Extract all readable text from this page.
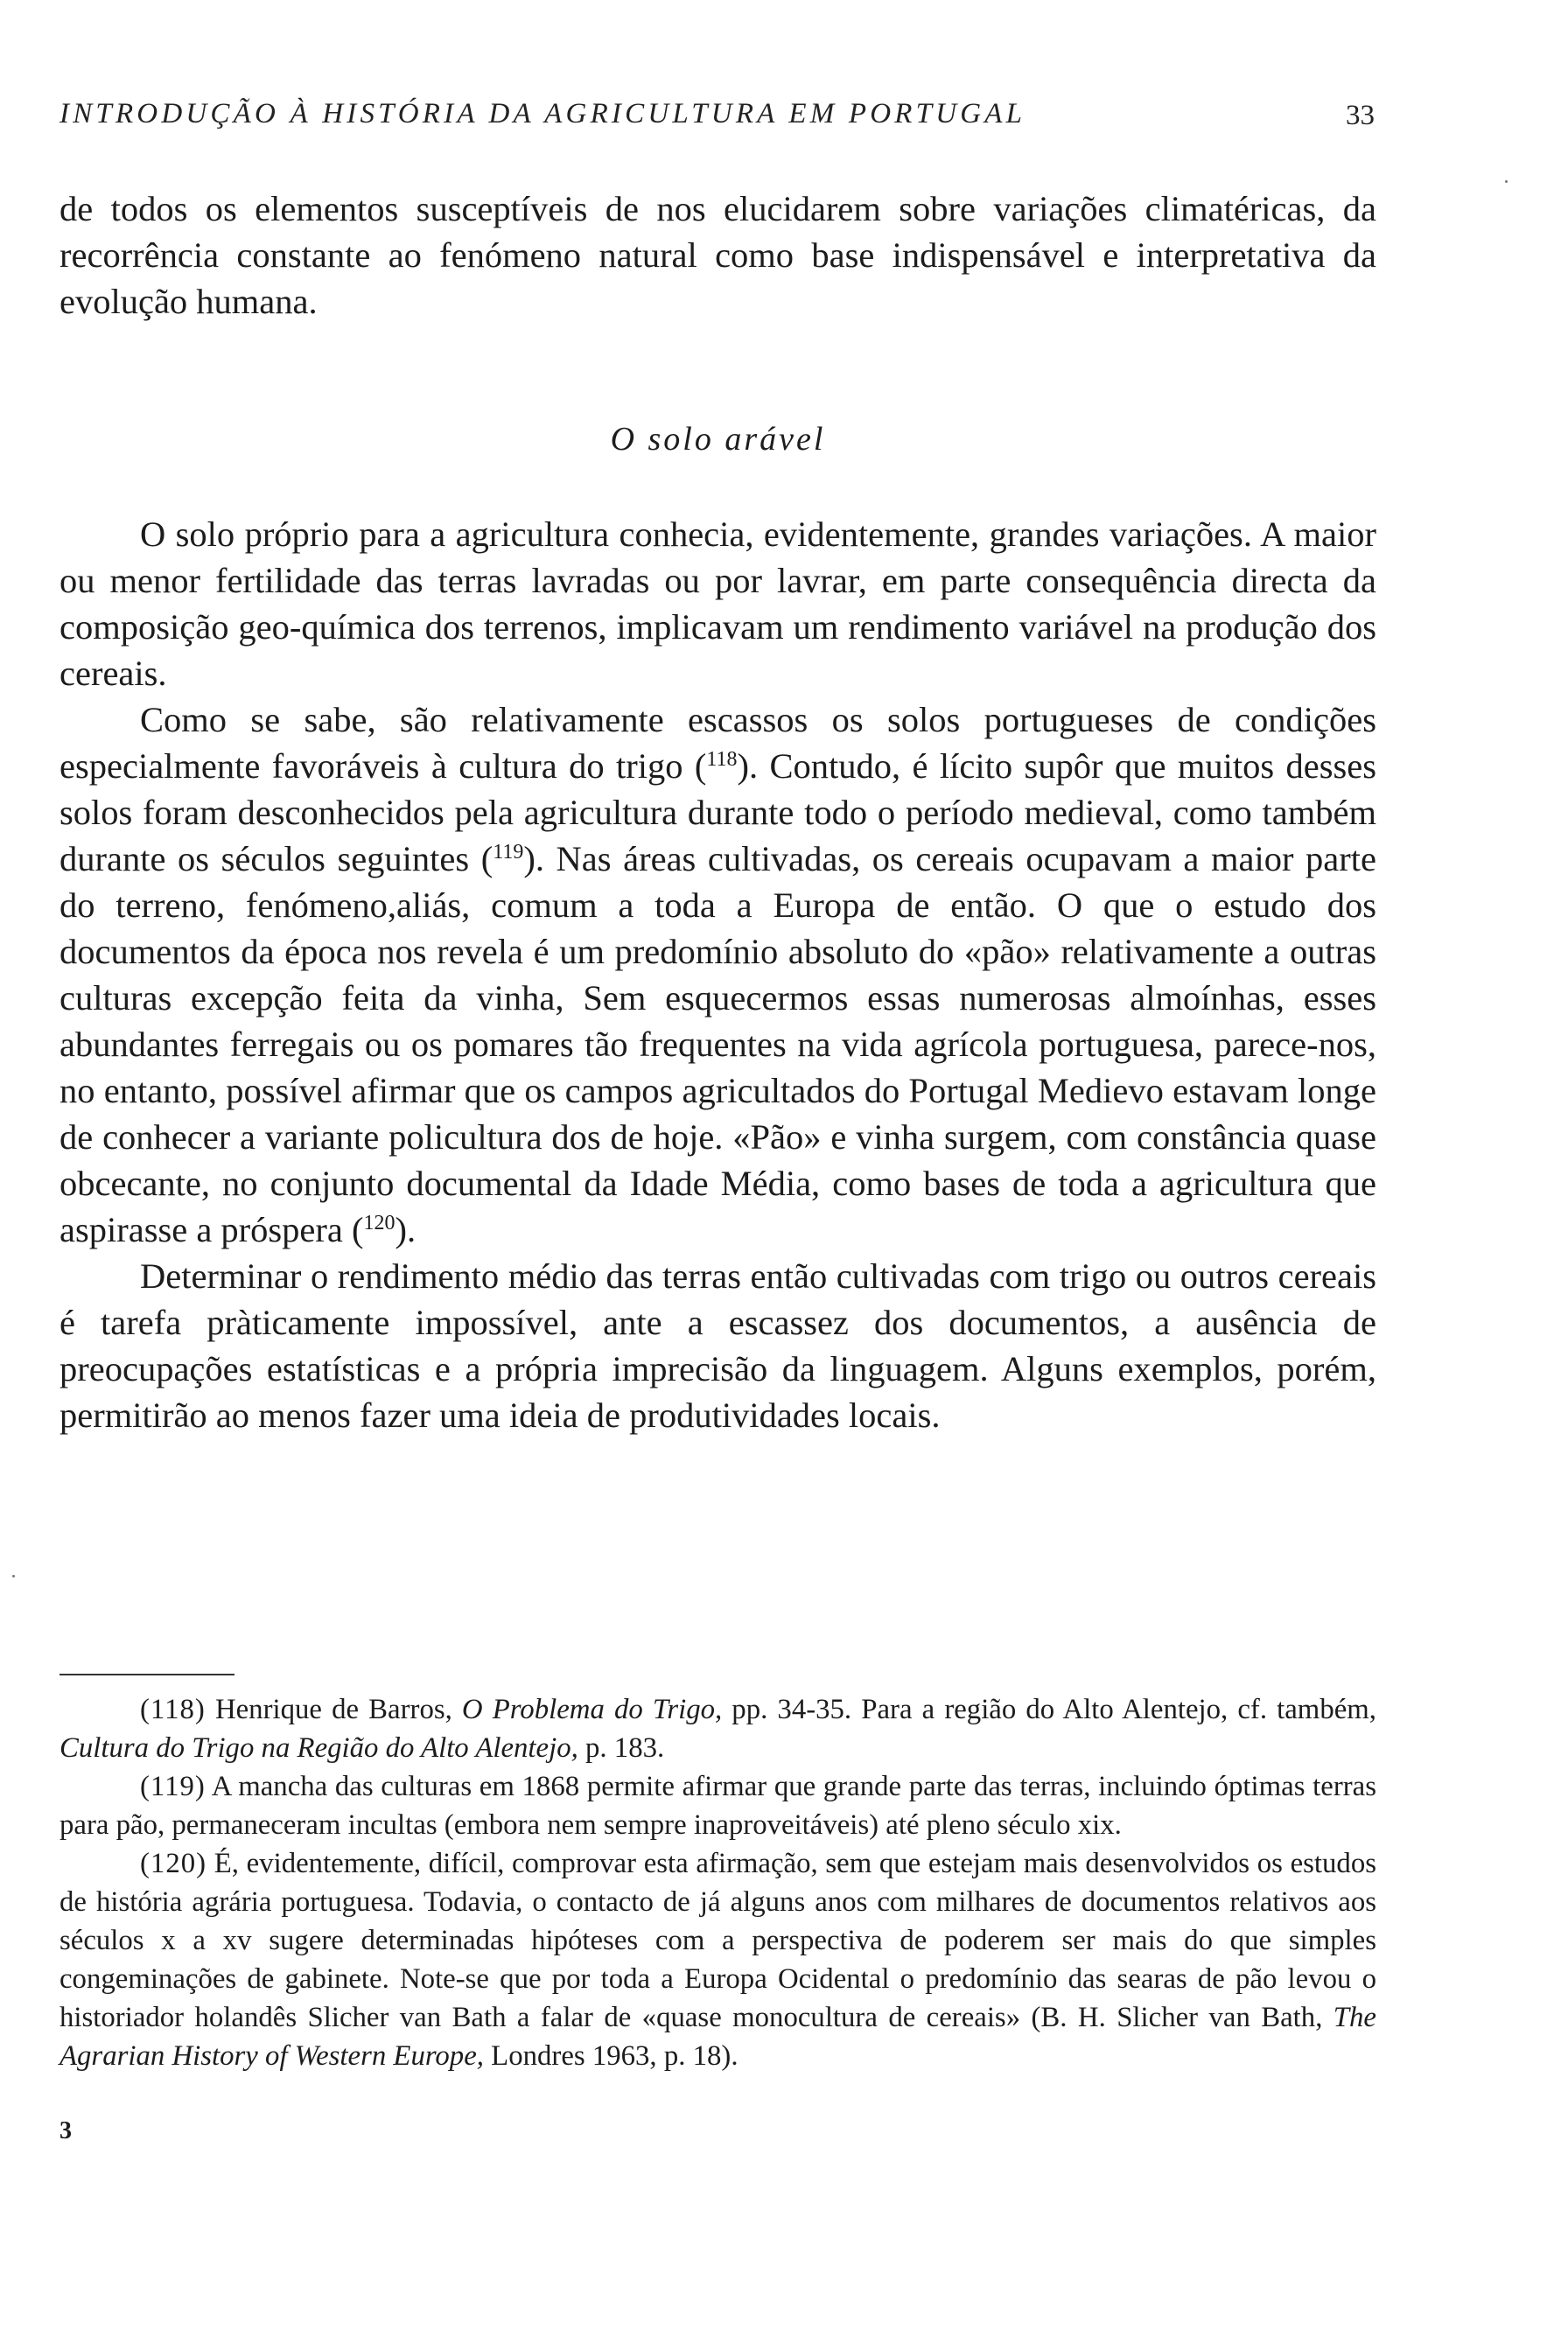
INTRODUÇÃO À HISTÓRIA DA AGRICULTURA EM PORTUGAL	33

de todos os elementos susceptíveis de nos elucidarem sobre variações climatéricas, da recorrência constante ao fenómeno natural como base indispensável e interpretativa da evolução humana.

O solo arável

O solo próprio para a agricultura conhecia, evidentemente, grandes variações. A maior ou menor fertilidade das terras lavradas ou por lavrar, em parte consequência directa da composição geo-química dos terrenos, implicavam um rendimento variável na produção dos cereais.

Como se sabe, são relativamente escassos os solos portugueses de condições especialmente favoráveis à cultura do trigo ($^{118}$). Contudo, é lícito supôr que muitos desses solos foram desconhecidos pela agricultura durante todo o período medieval, como também durante os séculos seguintes ($^{119}$). Nas áreas cultivadas, os cereais ocupavam a maior parte do terreno, fenómeno,aliás, comum a toda a Europa de então. O que o estudo dos documentos da época nos revela é um predomínio absoluto do «pão» relativamente a outras culturas excepção feita da vinha, Sem esquecermos essas numerosas almoínhas, esses abundantes ferregais ou os pomares tão frequentes na vida agrícola portuguesa, parece-nos, no entanto, possível afirmar que os campos agricultados do Portugal Medievo estavam longe de conhecer a variante policultura dos de hoje. «Pão» e vinha surgem, com constância quase obcecante, no conjunto documental da Idade Média, como bases de toda a agricultura que aspirasse a próspera ($^{120}$).

Determinar o rendimento médio das terras então cultivadas com trigo ou outros cereais é tarefa pràticamente impossível, ante a escassez dos documentos, a ausência de preocupações estatísticas e a própria imprecisão da linguagem. Alguns exemplos, porém, permitirão ao menos fazer uma ideia de produtividades locais.

(118) Henrique de Barros, O Problema do Trigo, pp. 34-35. Para a região do Alto Alentejo, cf. também, Cultura do Trigo na Região do Alto Alentejo, p. 183.

(119) A mancha das culturas em 1868 permite afirmar que grande parte das terras, incluindo óptimas terras para pão, permaneceram incultas (embora nem sempre inaproveitáveis) até pleno século xix.

(120) É, evidentemente, difícil, comprovar esta afirmação, sem que estejam mais desenvolvidos os estudos de história agrária portuguesa. Todavia, o contacto de já alguns anos com milhares de documentos relativos aos séculos x a xv sugere determinadas hipóteses com a perspectiva de poderem ser mais do que simples congeminações de gabinete. Note-se que por toda a Europa Ocidental o predomínio das searas de pão levou o historiador holandês Slicher van Bath a falar de «quase monocultura de cereais» (B. H. Slicher van Bath, The Agrarian History of Western Europe, Londres 1963, p. 18).

3
